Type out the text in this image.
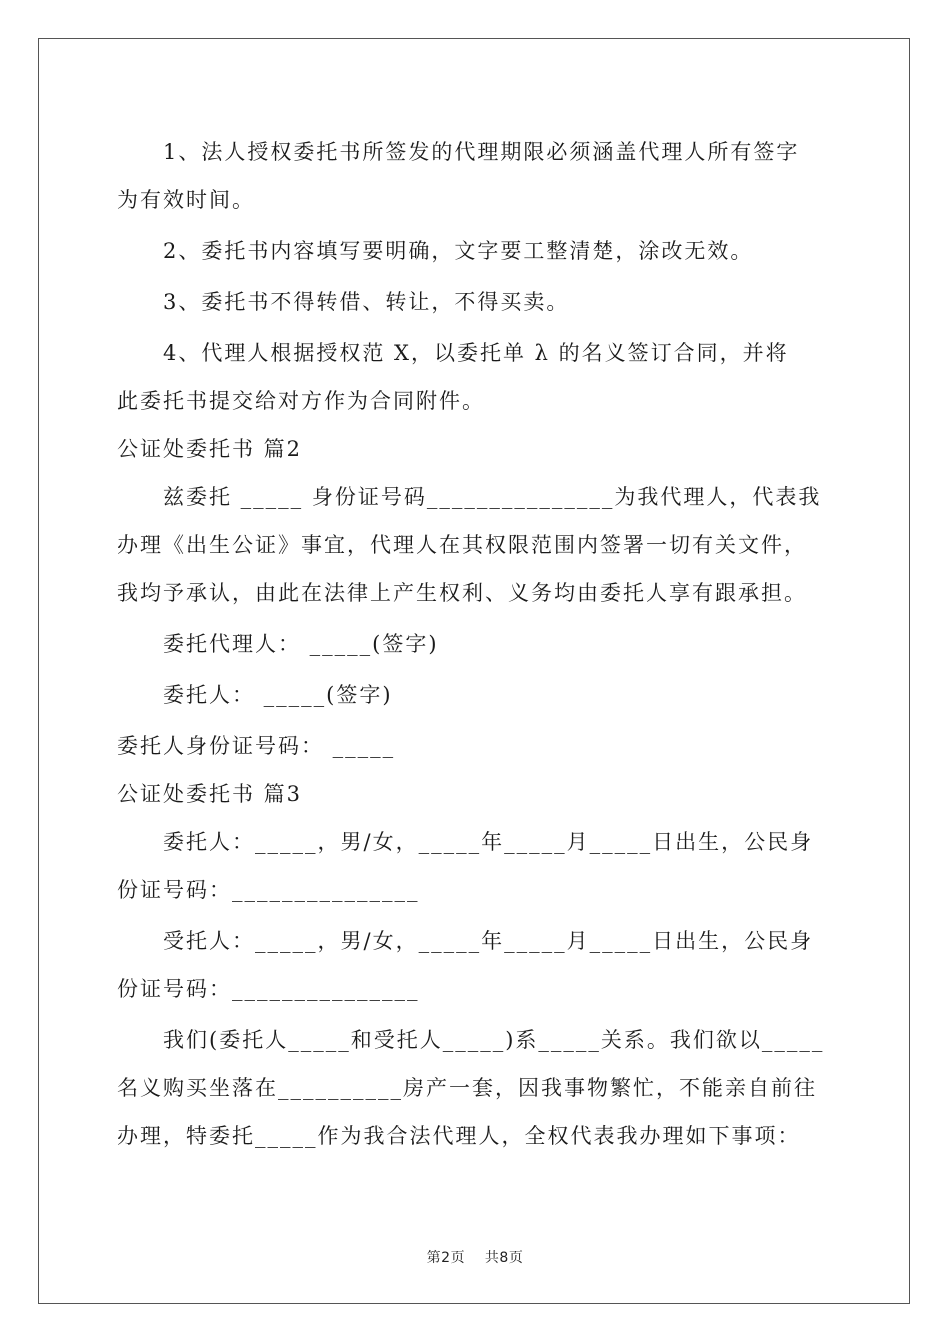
1、法人授权委托书所签发的代理期限必须涵盖代理人所有签字
为有效时间。
2、委托书内容填写要明确，文字要工整清楚，涂改无效。
3、委托书不得转借、转让，不得买卖。
4、代理人根据授权范 X，以委托单 λ 的名义签订合同，并将
此委托书提交给对方作为合同附件。
公证处委托书 篇2
兹委托 _____ 身份证号码_______________为我代理人，代表我
办理《出生公证》事宜，代理人在其权限范围内签署一切有关文件，
我均予承认，由此在法律上产生权利、义务均由委托人享有跟承担。
委托代理人： _____(签字)
委托人： _____(签字)
委托人身份证号码： _____
公证处委托书 篇3
委托人：_____，男/女，_____年_____月_____日出生，公民身
份证号码：_______________
受托人：_____，男/女，_____年_____月_____日出生，公民身
份证号码：_______________
我们(委托人_____和受托人_____)系_____关系。我们欲以_____
名义购买坐落在__________房产一套，因我事物繁忙，不能亲自前往
办理，特委托_____作为我合法代理人，全权代表我办理如下事项：
第2页 共8页
